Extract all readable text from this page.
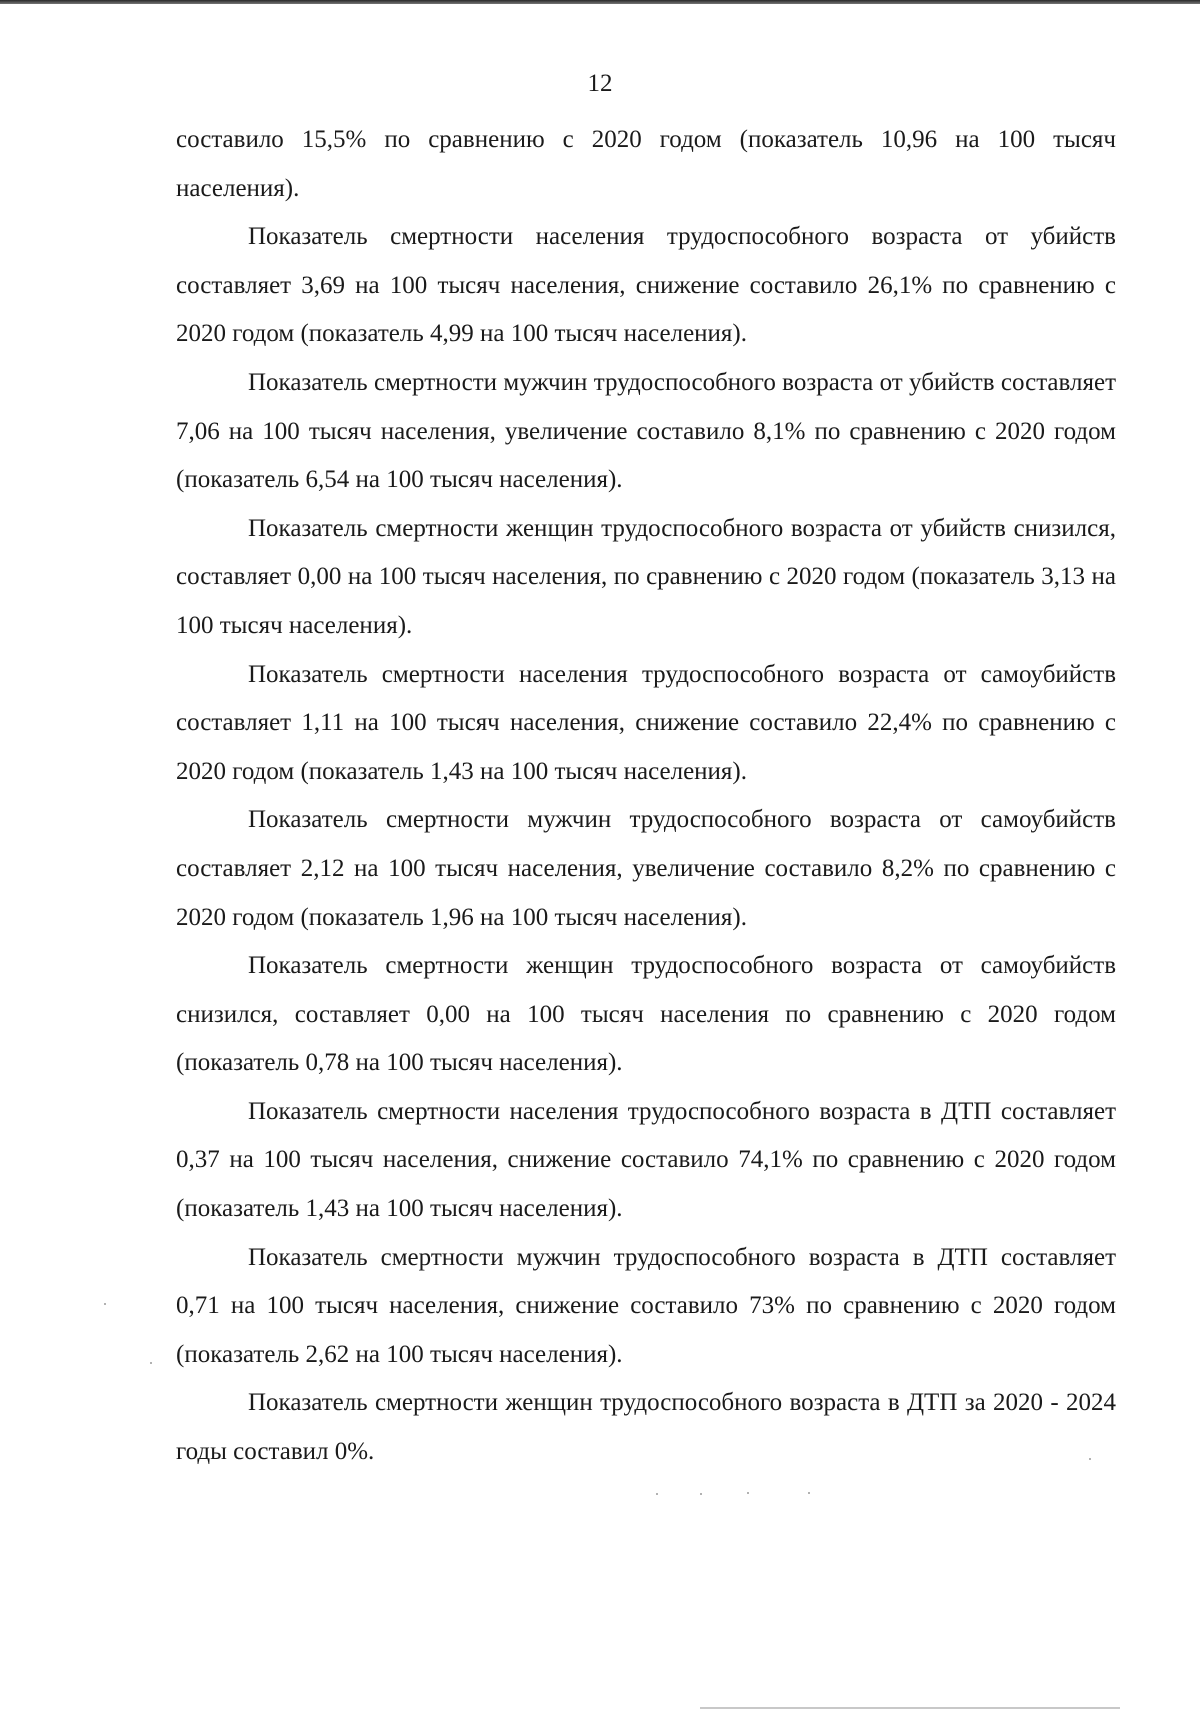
12

составило 15,5% по сравнению с 2020 годом (показатель 10,96 на 100 тысяч населения).

Показатель смертности населения трудоспособного возраста от убийств составляет 3,69 на 100 тысяч населения, снижение составило 26,1% по сравнению с 2020 годом (показатель 4,99 на 100 тысяч населения).

Показатель смертности мужчин трудоспособного возраста от убийств составляет 7,06 на 100 тысяч населения, увеличение составило 8,1% по сравнению с 2020 годом (показатель 6,54 на 100 тысяч населения).

Показатель смертности женщин трудоспособного возраста от убийств снизился, составляет 0,00 на 100 тысяч населения, по сравнению с 2020 годом (показатель 3,13 на 100 тысяч населения).

Показатель смертности населения трудоспособного возраста от самоубийств составляет 1,11 на 100 тысяч населения, снижение составило 22,4% по сравнению с 2020 годом (показатель 1,43 на 100 тысяч населения).

Показатель смертности мужчин трудоспособного возраста от самоубийств составляет 2,12 на 100 тысяч населения, увеличение составило 8,2% по сравнению с 2020 годом (показатель 1,96 на 100 тысяч населения).

Показатель смертности женщин трудоспособного возраста от самоубийств снизился, составляет 0,00 на 100 тысяч населения по сравнению с 2020 годом (показатель 0,78 на 100 тысяч населения).

Показатель смертности населения трудоспособного возраста в ДТП составляет 0,37 на 100 тысяч населения, снижение составило 74,1% по сравнению с 2020 годом (показатель 1,43 на 100 тысяч населения).

Показатель смертности мужчин трудоспособного возраста в ДТП составляет 0,71 на 100 тысяч населения, снижение составило 73% по сравнению с 2020 годом (показатель 2,62 на 100 тысяч населения).

Показатель смертности женщин трудоспособного возраста в ДТП за 2020 - 2024 годы составил 0%.
